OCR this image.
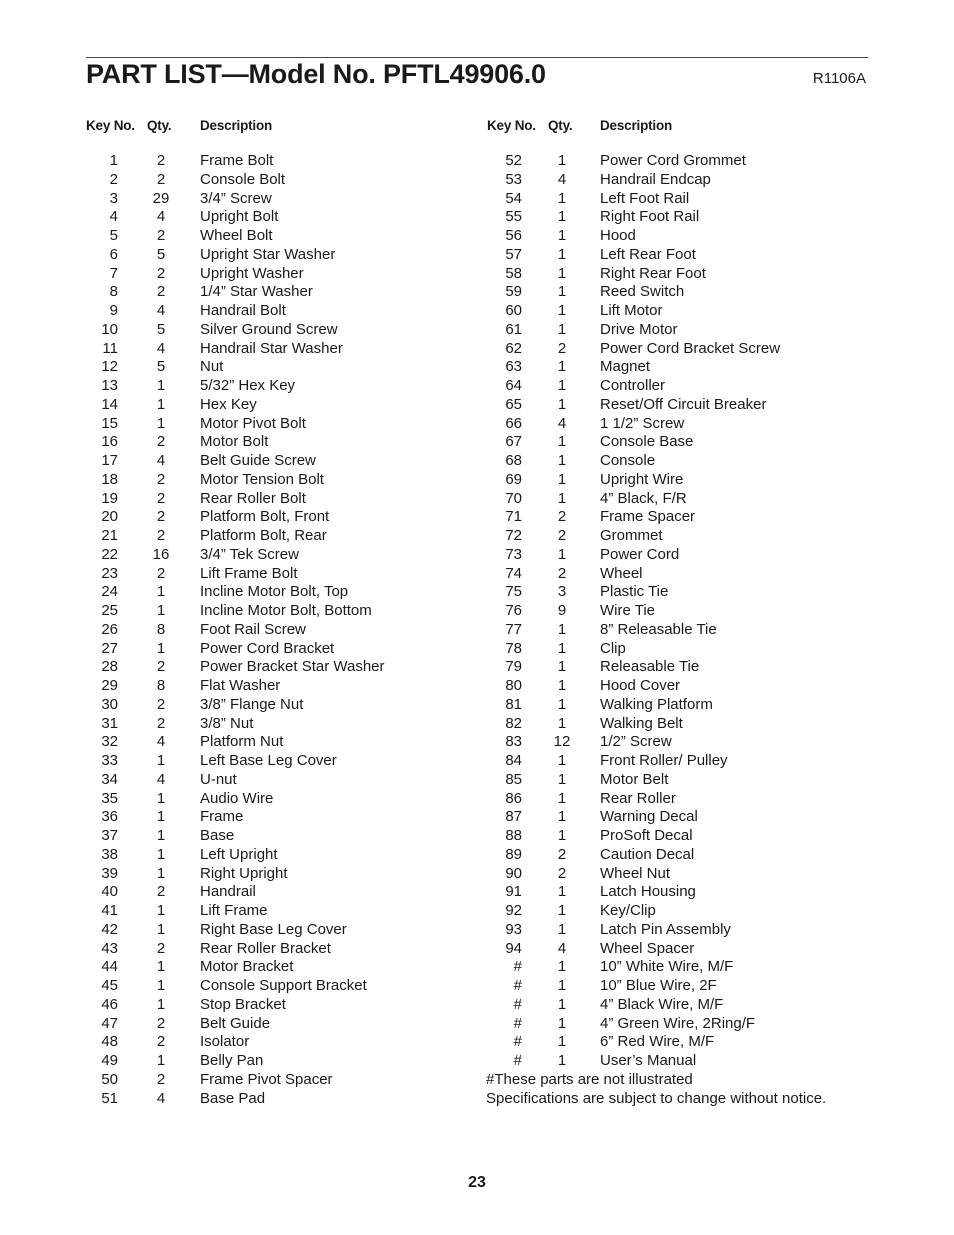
PART LIST—Model No. PFTL49906.0	R1106A
Key No. Qty. Description
1	2	Frame Bolt
2	2	Console Bolt
3	29	3/4” Screw
4	4	Upright Bolt
5	2	Wheel Bolt
6	5	Upright Star Washer
7	2	Upright Washer
8	2	1/4” Star Washer
9	4	Handrail Bolt
10	5	Silver Ground Screw
11	4	Handrail Star Washer
12	5	Nut
13	1	5/32” Hex Key
14	1	Hex Key
15	1	Motor Pivot Bolt
16	2	Motor Bolt
17	4	Belt Guide Screw
18	2	Motor Tension Bolt
19	2	Rear Roller Bolt
20	2	Platform Bolt, Front
21	2	Platform Bolt, Rear
22	16	3/4” Tek Screw
23	2	Lift Frame Bolt
24	1	Incline Motor Bolt, Top
25	1	Incline Motor Bolt, Bottom
26	8	Foot Rail Screw
27	1	Power Cord Bracket
28	2	Power Bracket Star Washer
29	8	Flat Washer
30	2	3/8” Flange Nut
31	2	3/8” Nut
32	4	Platform Nut
33	1	Left Base Leg Cover
34	4	U-nut
35	1	Audio Wire
36	1	Frame
37	1	Base
38	1	Left Upright
39	1	Right Upright
40	2	Handrail
41	1	Lift Frame
42	1	Right Base Leg Cover
43	2	Rear Roller Bracket
44	1	Motor Bracket
45	1	Console Support Bracket
46	1	Stop Bracket
47	2	Belt Guide
48	2	Isolator
49	1	Belly Pan
50	2	Frame Pivot Spacer
51	4	Base Pad
Key No. Qty. Description
52	1	Power Cord Grommet
53	4	Handrail Endcap
54	1	Left Foot Rail
55	1	Right Foot Rail
56	1	Hood
57	1	Left Rear Foot
58	1	Right Rear Foot
59	1	Reed Switch
60	1	Lift Motor
61	1	Drive Motor
62	2	Power Cord Bracket Screw
63	1	Magnet
64	1	Controller
65	1	Reset/Off Circuit Breaker
66	4	1 1/2” Screw
67	1	Console Base
68	1	Console
69	1	Upright Wire
70	1	4” Black, F/R
71	2	Frame Spacer
72	2	Grommet
73	1	Power Cord
74	2	Wheel
75	3	Plastic Tie
76	9	Wire Tie
77	1	8” Releasable Tie
78	1	Clip
79	1	Releasable Tie
80	1	Hood Cover
81	1	Walking Platform
82	1	Walking Belt
83	12	1/2” Screw
84	1	Front Roller/ Pulley
85	1	Motor Belt
86	1	Rear Roller
87	1	Warning Decal
88	1	ProSoft Decal
89	2	Caution Decal
90	2	Wheel Nut
91	1	Latch Housing
92	1	Key/Clip
93	1	Latch Pin Assembly
94	4	Wheel Spacer
#	1	10” White Wire, M/F
#	1	10” Blue Wire, 2F
#	1	4” Black Wire, M/F
#	1	4” Green Wire, 2Ring/F
#	1	6” Red Wire, M/F
#	1	User’s Manual
#These parts are not illustrated
Specifications are subject to change without notice.
23
